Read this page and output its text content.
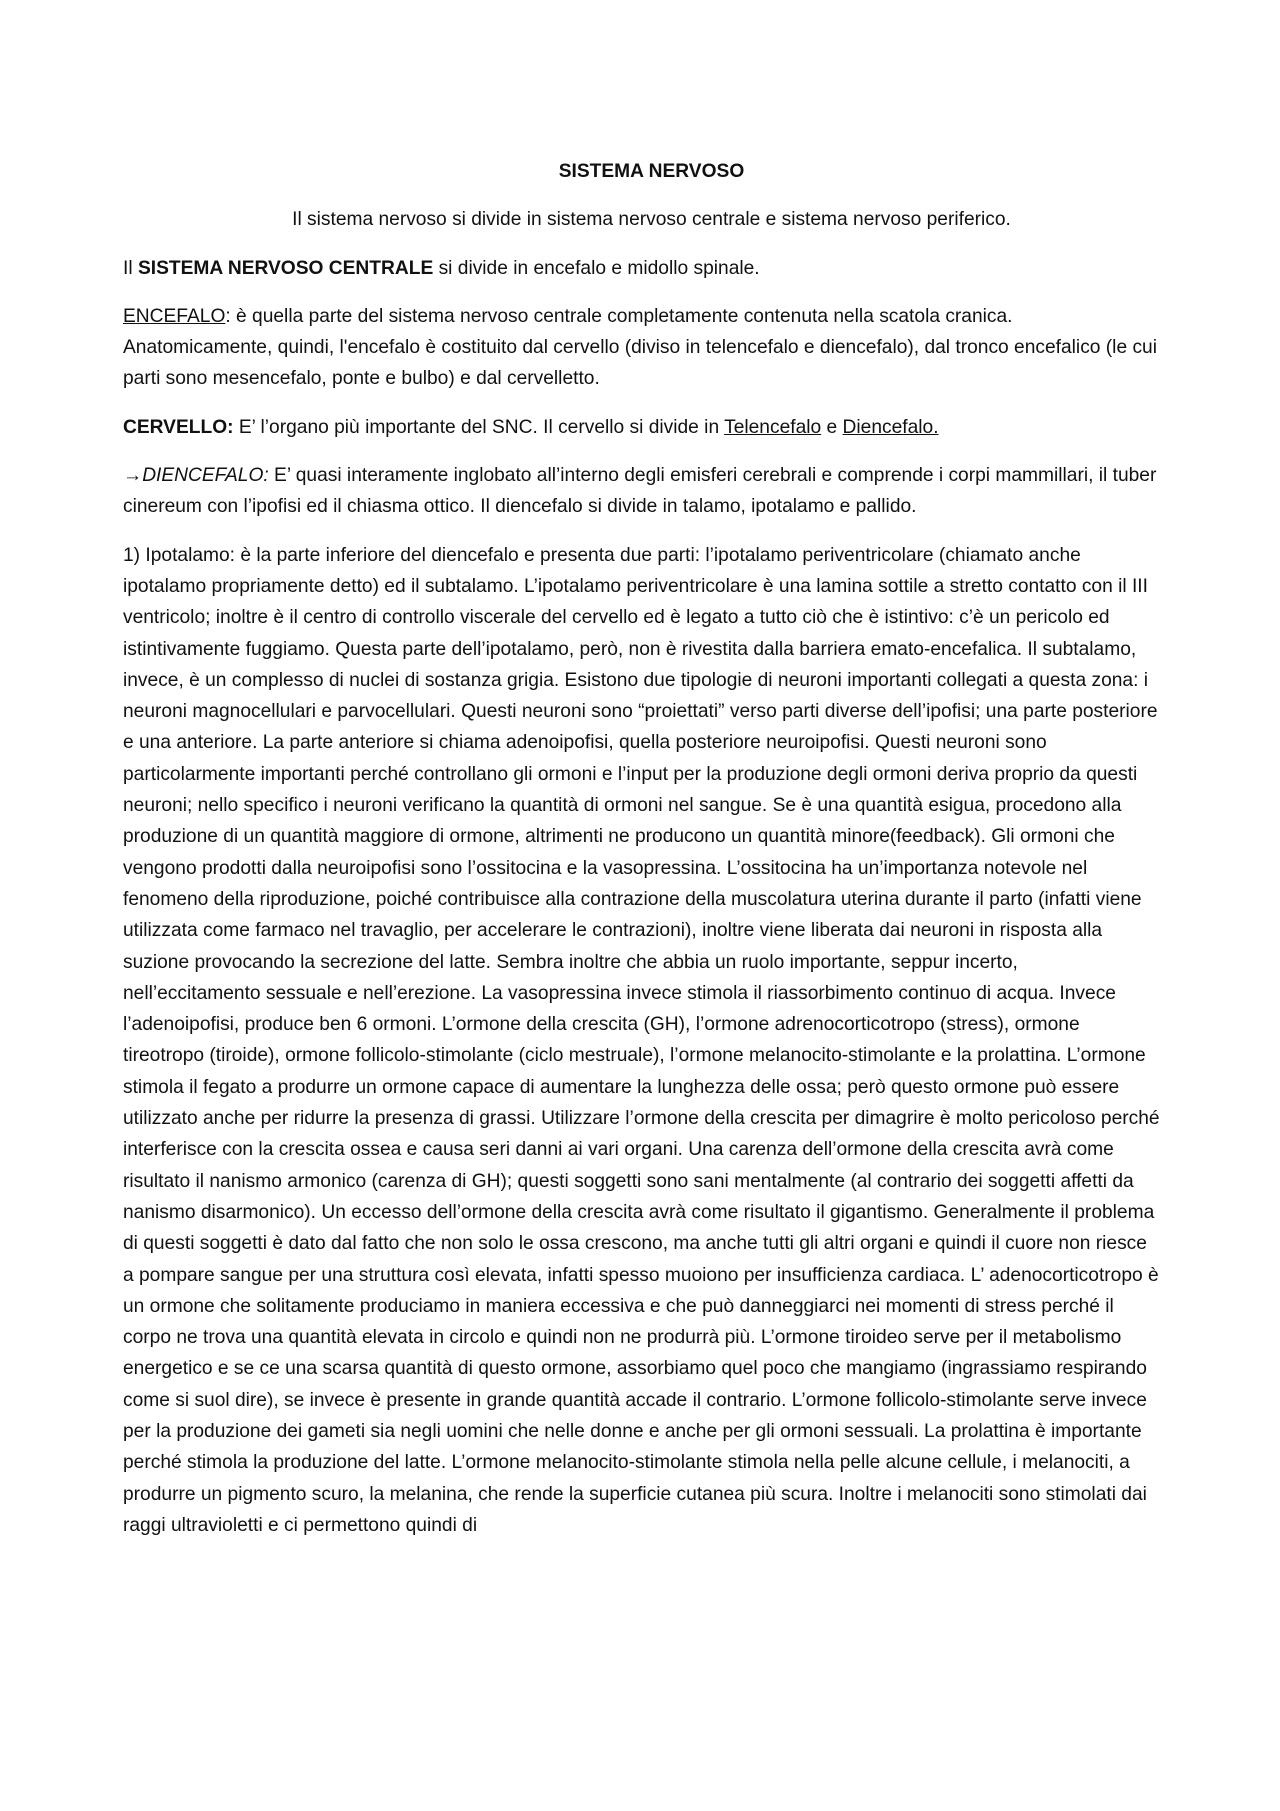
SISTEMA NERVOSO

Il sistema nervoso si divide in sistema nervoso centrale e sistema nervoso periferico.

Il SISTEMA NERVOSO CENTRALE si divide in encefalo e midollo spinale.

ENCEFALO: è quella parte del sistema nervoso centrale completamente contenuta nella scatola cranica. Anatomicamente, quindi, l'encefalo è costituito dal cervello (diviso in telencefalo e diencefalo), dal tronco encefalico (le cui parti sono mesencefalo, ponte e bulbo) e dal cervelletto.

CERVELLO: E’ l’organo più importante del SNC. Il cervello si divide in Telencefalo e Diencefalo.

→DIENCEFALO: E’ quasi interamente inglobato all’interno degli emisferi cerebrali e comprende i corpi mammillari, il tuber cinereum con l’ipofisi ed il chiasma ottico. Il diencefalo si divide in talamo, ipotalamo e pallido.

1) Ipotalamo: è la parte inferiore del diencefalo e presenta due parti: l’ipotalamo periventricolare (chiamato anche ipotalamo propriamente detto) ed il subtalamo. L’ipotalamo periventricolare è una lamina sottile a stretto contatto con il III ventricolo; inoltre è il centro di controllo viscerale del cervello ed è legato a tutto ciò che è istintivo: c’è un pericolo ed istintivamente fuggiamo. Questa parte dell’ipotalamo, però, non è rivestita dalla barriera emato-encefalica. Il subtalamo, invece, è un complesso di nuclei di sostanza grigia. Esistono due tipologie di neuroni importanti collegati a questa zona: i neuroni magnocellulari e parvocellulari. Questi neuroni sono “proiettati” verso parti diverse dell’ipofisi; una parte posteriore e una anteriore. La parte anteriore si chiama adenoipofisi, quella posteriore neuroipofisi. Questi neuroni sono particolarmente importanti perché controllano gli ormoni e l’input per la produzione degli ormoni deriva proprio da questi neuroni; nello specifico i neuroni verificano la quantità di ormoni nel sangue. Se è una quantità esigua, procedono alla produzione di un quantità maggiore di ormone, altrimenti ne producono un quantità minore(feedback). Gli ormoni che vengono prodotti dalla neuroipofisi sono l’ossitocina e la vasopressina. L’ossitocina ha un’importanza notevole nel fenomeno della riproduzione, poiché contribuisce alla contrazione della muscolatura uterina durante il parto (infatti viene utilizzata come farmaco nel travaglio, per accelerare le contrazioni), inoltre viene liberata dai neuroni in risposta alla suzione provocando la secrezione del latte. Sembra inoltre che abbia un ruolo importante, seppur incerto, nell’eccitamento sessuale e nell’erezione. La vasopressina invece stimola il riassorbimento continuo di acqua. Invece l’adenoipofisi, produce ben 6 ormoni. L’ormone della crescita (GH), l’ormone adrenocorticotropo (stress), ormone tireotropo (tiroide), ormone follicolo-stimolante (ciclo mestruale), l’ormone melanocito-stimolante e la prolattina. L’ormone stimola il fegato a produrre un ormone capace di aumentare la lunghezza delle ossa; però questo ormone può essere utilizzato anche per ridurre la presenza di grassi. Utilizzare l’ormone della crescita per dimagrire è molto pericoloso perché interferisce con la crescita ossea e causa seri danni ai vari organi. Una carenza dell’ormone della crescita avrà come risultato il nanismo armonico (carenza di GH); questi soggetti sono sani mentalmente (al contrario dei soggetti affetti da nanismo disarmonico). Un eccesso dell’ormone della crescita avrà come risultato il gigantismo. Generalmente il problema di questi soggetti è dato dal fatto che non solo le ossa crescono, ma anche tutti gli altri organi e quindi il cuore non riesce a pompare sangue per una struttura così elevata, infatti spesso muoiono per insufficienza cardiaca. L’ adenocorticotropo è un ormone che solitamente produciamo in maniera eccessiva e che può danneggiarci nei momenti di stress perché il corpo ne trova una quantità elevata in circolo e quindi non ne produrrà più. L’ormone tiroideo serve per il metabolismo energetico e se ce una scarsa quantità di questo ormone, assorbiamo quel poco che mangiamo (ingrassiamo respirando come si suol dire), se invece è presente in grande quantità accade il contrario. L’ormone follicolo-stimolante serve invece per la produzione dei gameti sia negli uomini che nelle donne e anche per gli ormoni sessuali. La prolattina è importante perché stimola la produzione del latte. L’ormone melanocito-stimolante stimola nella pelle alcune cellule, i melanociti, a produrre un pigmento scuro, la melanina, che rende la superficie cutanea più scura. Inoltre i melanociti sono stimolati dai raggi ultravioletti e ci permettono quindi di
